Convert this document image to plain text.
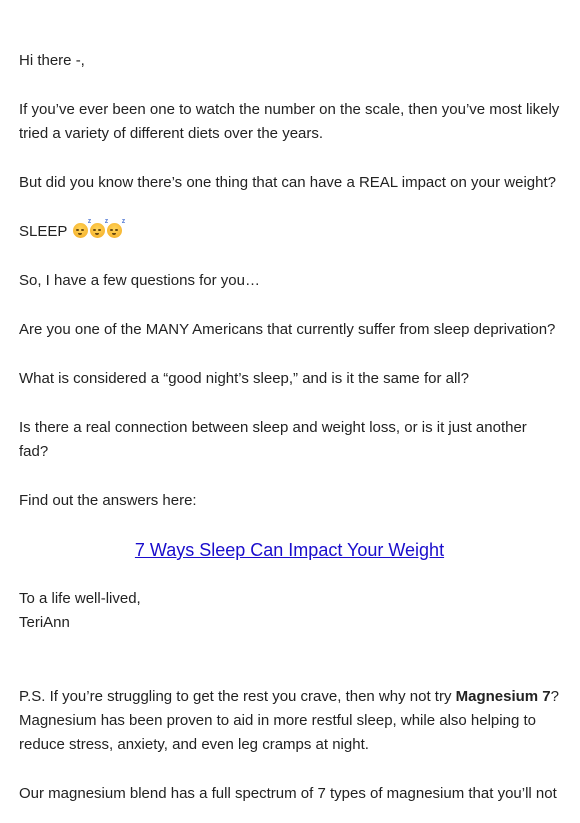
Hi there -,

If you’ve ever been one to watch the number on the scale, then you’ve most likely tried a variety of different diets over the years.

But did you know there’s one thing that can have a REAL impact on your weight?

SLEEP
z z z

So, I have a few questions for you…

Are you one of the MANY Americans that currently suffer from sleep deprivation?

What is considered a “good night’s sleep,” and is it the same for all?

Is there a real connection between sleep and weight loss, or is it just another fad?

Find out the answers here:

7 Ways Sleep Can Impact Your Weight

To a life well-lived,

TeriAnn

P.S. If you’re struggling to get the rest you crave, then why not try Magnesium 7? Magnesium has been proven to aid in more restful sleep, while also helping to reduce stress, anxiety, and even leg cramps at night.

Our magnesium blend has a full spectrum of 7 types of magnesium that you’ll not
